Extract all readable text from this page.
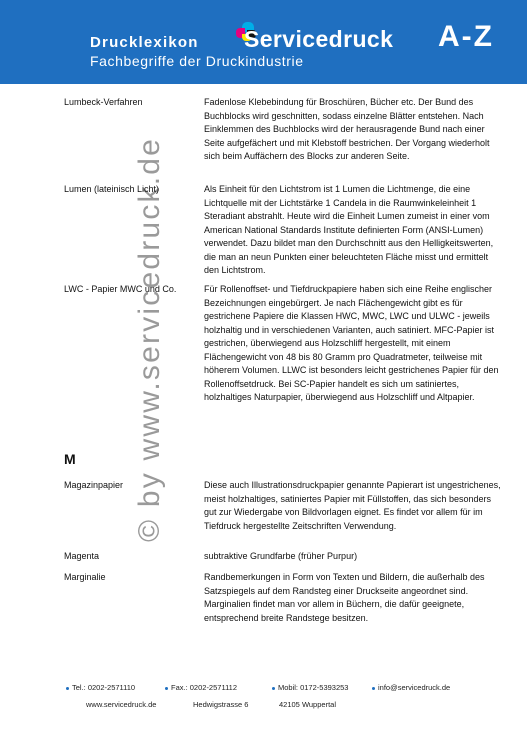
Drucklexikon
Fachbegriffe der Druckindustrie
Servicedruck A-Z
© by www.servicedruck.de
Lumbeck-Verfahren	Fadenlose Klebebindung für Broschüren, Bücher etc. Der Bund des Buchblocks wird geschnitten, sodass einzelne Blätter entstehen. Nach Einklemmen des Buchblocks wird der herausragende Bund nach einer Seite aufgefächert und mit Klebstoff bestrichen. Der Vorgang wiederholt sich beim Auffächern des Blocks zur anderen Seite.
Lumen (lateinisch Licht)	Als Einheit für den Lichtstrom ist 1 Lumen die Lichtmenge, die eine Lichtquelle mit der Lichtstärke 1 Candela in die Raumwinkeleinheit 1 Steradiant abstrahlt. Heute wird die Einheit Lumen zumeist in einer vom American National Standards Institute definierten Form (ANSI-Lumen) verwendet. Dazu bildet man den Durchschnitt aus den Helligkeitswerten, die man an neun Punkten einer beleuchteten Fläche misst und ermittelt den Lichtstrom.
LWC - Papier MWC und Co.	Für Rollenoffset- und Tiefdruckpapiere haben sich eine Reihe englischer Bezeichnungen eingebürgert. Je nach Flächengewicht gibt es für gestrichene Papiere die Klassen HWC, MWC, LWC und ULWC - jeweils holzhaltig und in verschiedenen Varianten, auch satiniert. MFC-Papier ist gestrichen, überwiegend aus Holzschliff hergestellt, mit einem Flächengewicht von 48 bis 80 Gramm pro Quadratmeter, teilweise mit höherem Volumen. LLWC ist besonders leicht gestrichenes Papier für den Rollenoffsetdruck. Bei SC-Papier handelt es sich um satiniertes, holzhaltiges Naturpapier, überwiegend aus Holzschliff und Altpapier.
M
Magazinpapier	Diese auch Illustrationsdruckpapier genannte Papierart ist ungestrichenes, meist holzhaltiges, satiniertes Papier mit Füllstoffen, das sich besonders gut zur Wiedergabe von Bildvorlagen eignet. Es findet vor allem für im Tiefdruck hergestellte Zeitschriften Verwendung.
Magenta	subtraktive Grundfarbe (früher Purpur)
Marginalie	Randbemerkungen in Form von Texten und Bildern, die außerhalb des Satzspiegels auf dem Randsteg einer Druckseite angeordnet sind. Marginalien findet man vor allem in Büchern, die dafür geeignete, entsprechend breite Randstege besitzen.
Tel.: 0202-2571110	Fax.: 0202-2571112	Mobil: 0172-5393253	info@servicedruck.de
www.servicedruck.de	Hedwigstrasse 6	42105 Wuppertal
